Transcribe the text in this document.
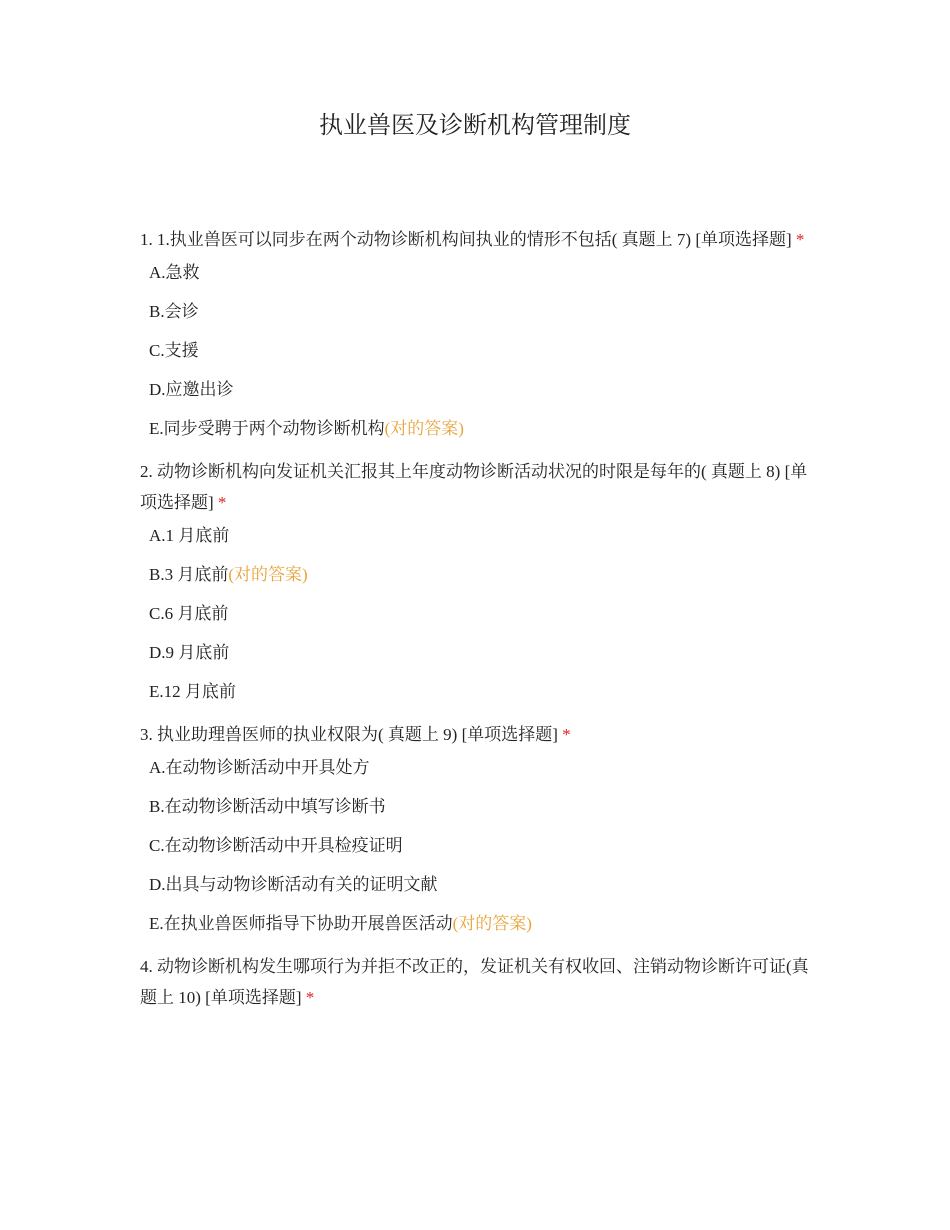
执业兽医及诊断机构管理制度

1. 1.执业兽医可以同步在两个动物诊断机构间执业的情形不包括( 真题上 7) [单项选择题] *

A.急救
B.会诊
C.支援
D.应邀出诊
E.同步受聘于两个动物诊断机构(对的答案)

2. 动物诊断机构向发证机关汇报其上年度动物诊断活动状况的时限是每年的( 真题上 8) [单项选择题] *

A.1 月底前
B.3 月底前(对的答案)
C.6 月底前
D.9 月底前
E.12 月底前

3. 执业助理兽医师的执业权限为( 真题上 9) [单项选择题] *

A.在动物诊断活动中开具处方
B.在动物诊断活动中填写诊断书
C.在动物诊断活动中开具检疫证明
D.出具与动物诊断活动有关的证明文献
E.在执业兽医师指导下协助开展兽医活动(对的答案)

4. 动物诊断机构发生哪项行为并拒不改正的，发证机关有权收回、注销动物诊断许可证(真题上 10) [单项选择题] *
